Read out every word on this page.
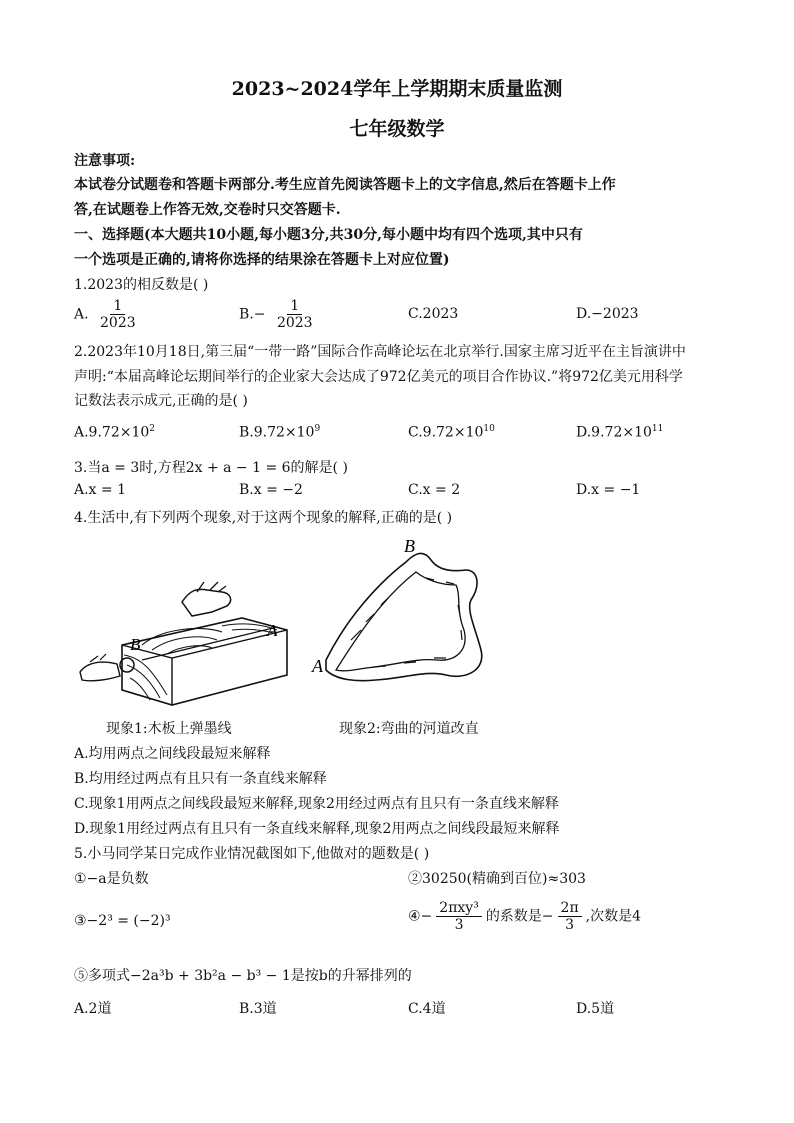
2023~2024学年上学期期末质量监测
七年级数学
注意事项:
本试卷分试题卷和答题卡两部分.考生应首先阅读答题卡上的文字信息,然后在答题卡上作
答,在试题卷上作答无效,交卷时只交答题卡.
一、选择题(本大题共10小题,每小题3分,共30分,每小题中均有四个选项,其中只有
一个选项是正确的,请将你选择的结果涂在答题卡上对应位置)
1.2023的相反数是( )
A. $\frac{1}{2023}$	$B.- \frac{1}{2023}$	C.2023	D.−2023
2.2023年10月18日,第三届“一带一路”国际合作高峰论坛在北京举行.国家主席习近平在主旨演讲中
声明:“本届高峰论坛期间举行的企业家大会达成了972亿美元的项目合作协议.”将972亿美元用科学
记数法表示成元,正确的是( )
$A.9.72\times 10^2$	$B.9.72\times 10^9$	$C.9.72\times 10^{10}$	$D.9.72\times 10^{11}$
3.当a = 3时,方程2x + a − 1 = 6的解是( )
A.x = 1	B.x = −2	C.x = 2	D.x = −1
4.生活中,有下列两个现象,对于这两个现象的解释,正确的是( )
B
A
B
A
现象1:木板上弹墨线	现象2:弯曲的河道改直
A.均用两点之间线段最短来解释
B.均用经过两点有且只有一条直线来解释
C.现象1用两点之间线段最短来解释,现象2用经过两点有且只有一条直线来解释
D.现象1用经过两点有且只有一条直线来解释,现象2用两点之间线段最短来解释
5.小马同学某日完成作业情况截图如下,他做对的题数是( )
①−a是负数	②30250(精确到百位)≈303
③−2³ = (−2)³	④− $\frac{\text{2πxy³}}{3}$ 的系数是− $\frac{2\pi}{3}$ ,次数是4
⑤多项式−2a³b + 3b²a − b³ − 1是按b的升幂排列的
A.2道	B.3道	C.4道	D.5道
